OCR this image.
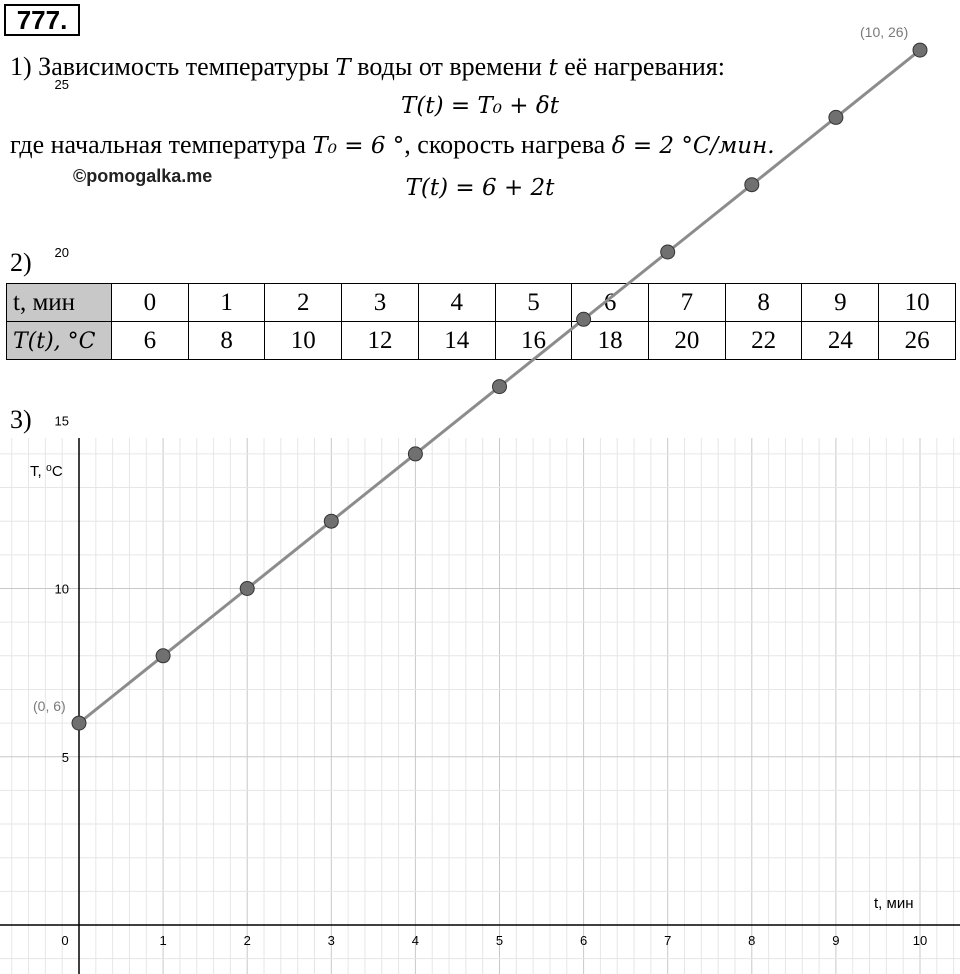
777.
1) Зависимость температуры T воды от времени t её нагревания:
T(t) = T₀ + δt
где начальная температура T₀ = 6 °, скорость нагрева δ = 2 °C/мин.
©pomogalka.me	T(t) = 6 + 2t
2)
t, мин	0	1	2	3	4	5	6	7	8	9	10
T(t), °C	6	8	10	12	14	16	18	20	22	24	26
3)
0	1	2	3	4	5	6	7	8	9	10
5
10
15
20
25
t, мин
T, ⁰C
(0, 6)
(10, 26)
